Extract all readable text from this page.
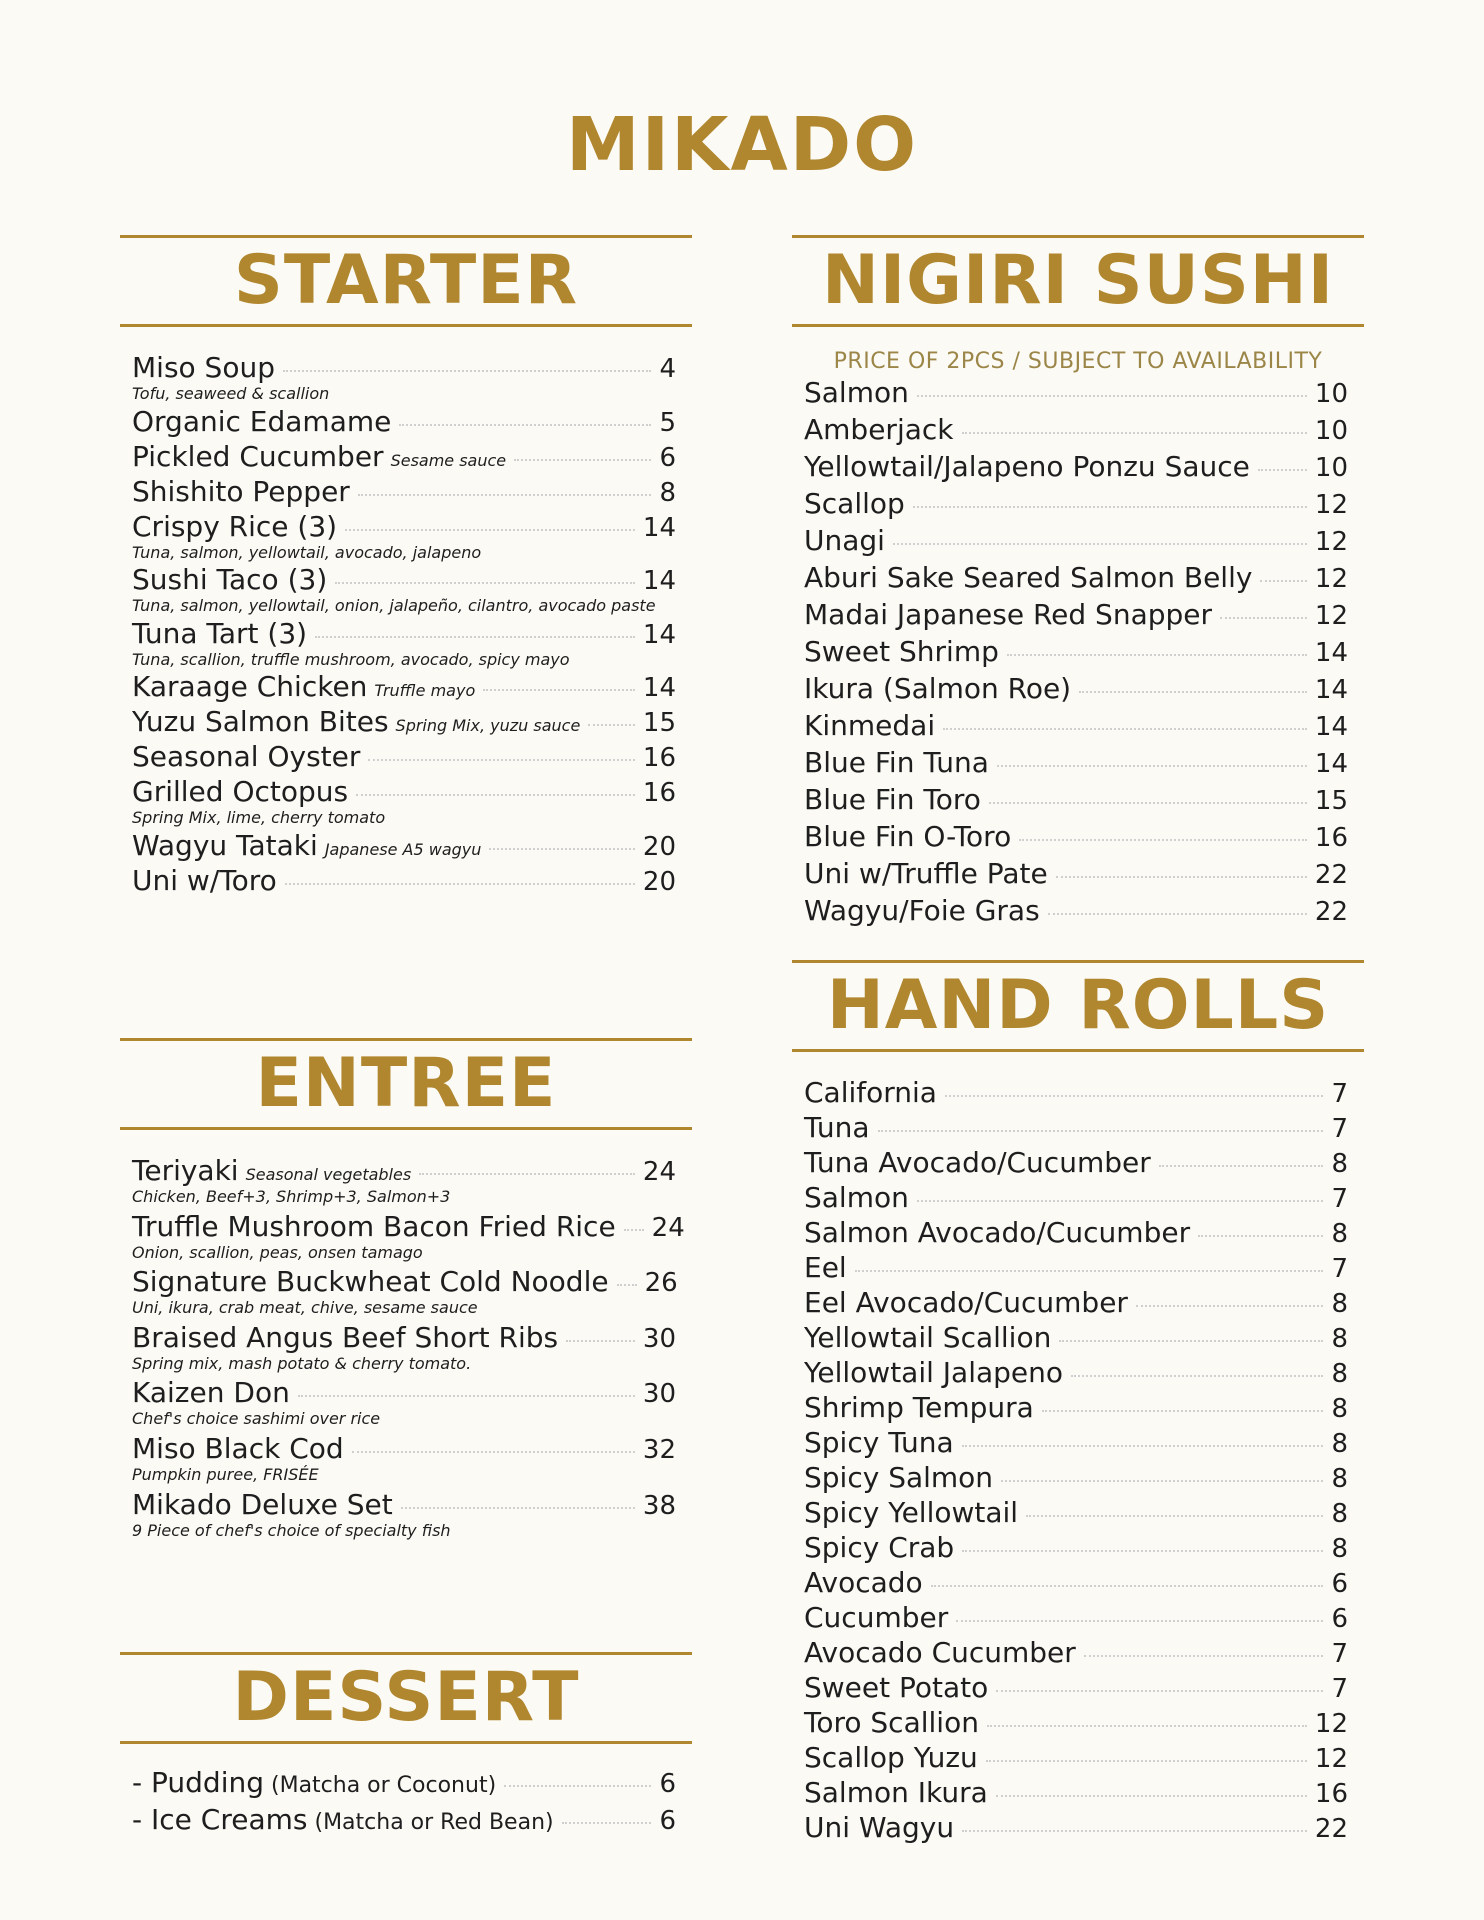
MIKADO
STARTER
Miso Soup	4
Tofu, seaweed & scallion
Organic Edamame	5
Pickled Cucumber Sesame sauce	6
Shishito Pepper	8
Crispy Rice (3)	14
Tuna, salmon, yellowtail, avocado, jalapeno
Sushi Taco (3)	14
Tuna, salmon, yellowtail, onion, jalapeño, cilantro, avocado paste
Tuna Tart (3)	14
Tuna, scallion, truffle mushroom, avocado, spicy mayo
Karaage Chicken Truffle mayo	14
Yuzu Salmon Bites Spring Mix, yuzu sauce 15
Seasonal Oyster	16
Grilled Octopus	16
Spring Mix, lime, cherry tomato
Wagyu Tataki Japanese A5 wagyu	20
Uni w/Toro	20
ENTREE
Teriyaki Seasonal vegetables	24
Chicken, Beef+3, Shrimp+3, Salmon+3
Truffle Mushroom Bacon Fried Rice 24
Onion, scallion, peas, onsen tamago
Signature Buckwheat Cold Noodle 26
Uni, ikura, crab meat, chive, sesame sauce
Braised Angus Beef Short Ribs	30
Spring mix, mash potato & cherry tomato.
Kaizen Don	30
Chef's choice sashimi over rice
Miso Black Cod	32
Pumpkin puree, FRISÉE
Mikado Deluxe Set	38
9 Piece of chef's choice of specialty fish
DESSERT
- Pudding (Matcha or Coconut)	6
- Ice Creams (Matcha or Red Bean)	6
NIGIRI SUSHI

PRICE OF 2PCS / SUBJECT TO AVAILABILITY

Salmon	10
Amberjack	10
Yellowtail/Jalapeno Ponzu Sauce	10
Scallop	12
Unagi	12
Aburi Sake Seared Salmon Belly 12
Madai Japanese Red Snapper	12
Sweet Shrimp	14
Ikura (Salmon Roe)	14
Kinmedai	14
Blue Fin Tuna	14
Blue Fin Toro	15
Blue Fin O-Toro	16
Uni w/Truffle Pate	22
Wagyu/Foie Gras	22
HAND ROLLS
California	7
Tuna	7
Tuna Avocado/Cucumber	8
Salmon	7
Salmon Avocado/Cucumber	8
Eel	7
Eel Avocado/Cucumber	8
Yellowtail Scallion	8
Yellowtail Jalapeno	8
Shrimp Tempura	8
Spicy Tuna	8
Spicy Salmon	8
Spicy Yellowtail	8
Spicy Crab	8
Avocado	6
Cucumber	6
Avocado Cucumber	7
Sweet Potato	7
Toro Scallion	12
Scallop Yuzu	12
Salmon Ikura	16
Uni Wagyu	22
